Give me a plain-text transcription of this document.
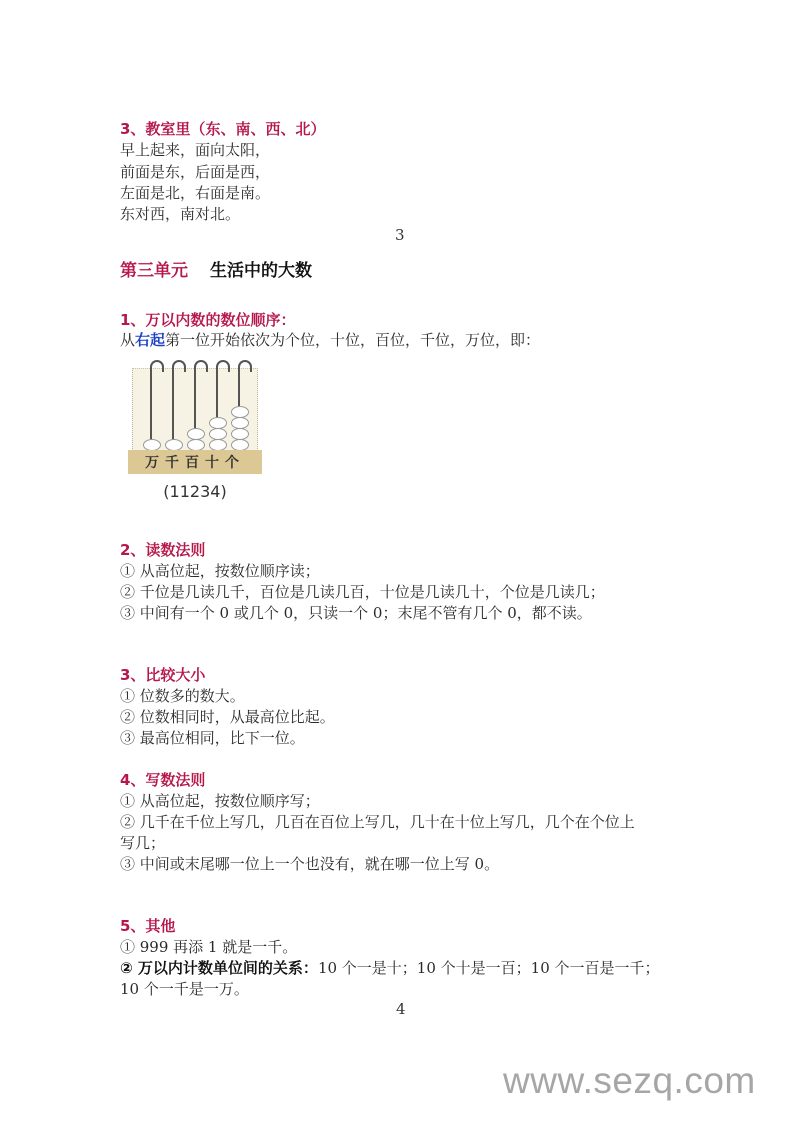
3、教室里（东、南、西、北）
早上起来，面向太阳，
前面是东，后面是西，
左面是北，右面是南。
东对西，南对北。
3
第三单元 生活中的大数
1、万以内数的数位顺序：
从右起第一位开始依次为个位，十位，百位，千位，万位，即：
万千百十个
(11234)
2、读数法则
① 从高位起，按数位顺序读；
② 千位是几读几千，百位是几读几百，十位是几读几十，个位是几读几；
③ 中间有一个 0 或几个 0，只读一个 0；末尾不管有几个 0，都不读。
3、比较大小
① 位数多的数大。
② 位数相同时，从最高位比起。
③ 最高位相同，比下一位。
4、写数法则
① 从高位起，按数位顺序写；
② 几千在千位上写几，几百在百位上写几，几十在十位上写几，几个在个位上
写几；
③ 中间或末尾哪一位上一个也没有，就在哪一位上写 0。
5、其他
① 999 再添 1 就是一千。
② 万以内计数单位间的关系：10 个一是十；10 个十是一百；10 个一百是一千；
10 个一千是一万。
4
www.sezq.com
